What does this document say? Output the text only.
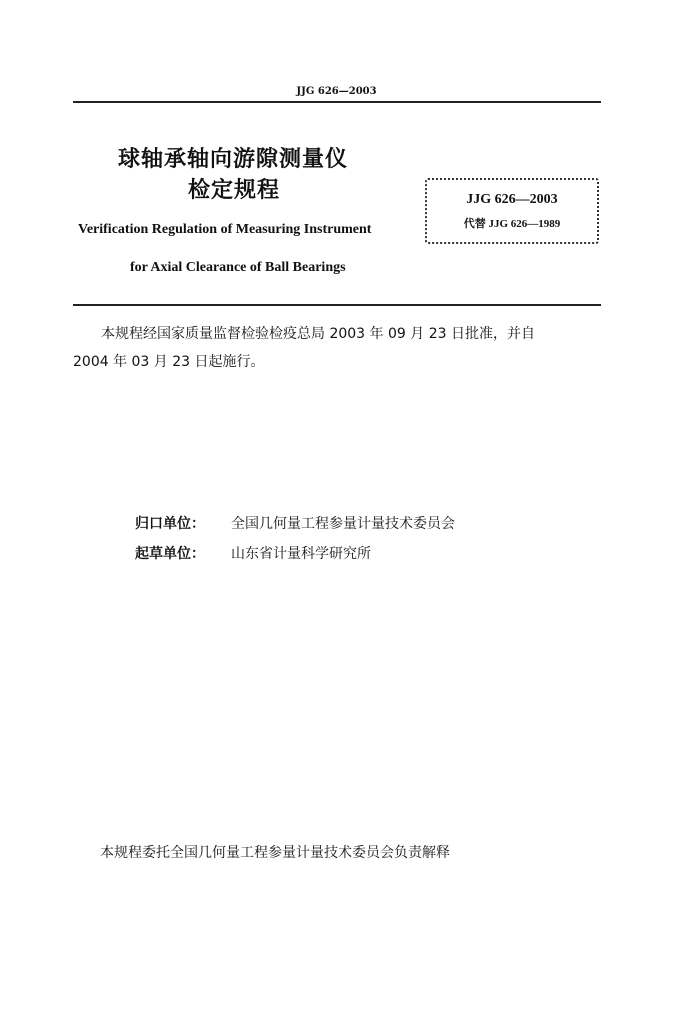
JJG 626—2003
球轴承轴向游隙测量仪
检定规程	JJG 626—2003
代替 JJG 626—1989
Verification Regulation of Measuring Instrument
for Axial Clearance of Ball Bearings

本规程经国家质量监督检验检疫总局 2003 年 09 月 23 日批准，并自

2004 年 03 月 23 日起施行。

归口单位： 全国几何量工程参量计量技术委员会
起草单位： 山东省计量科学研究所
本规程委托全国几何量工程参量计量技术委员会负责解释
